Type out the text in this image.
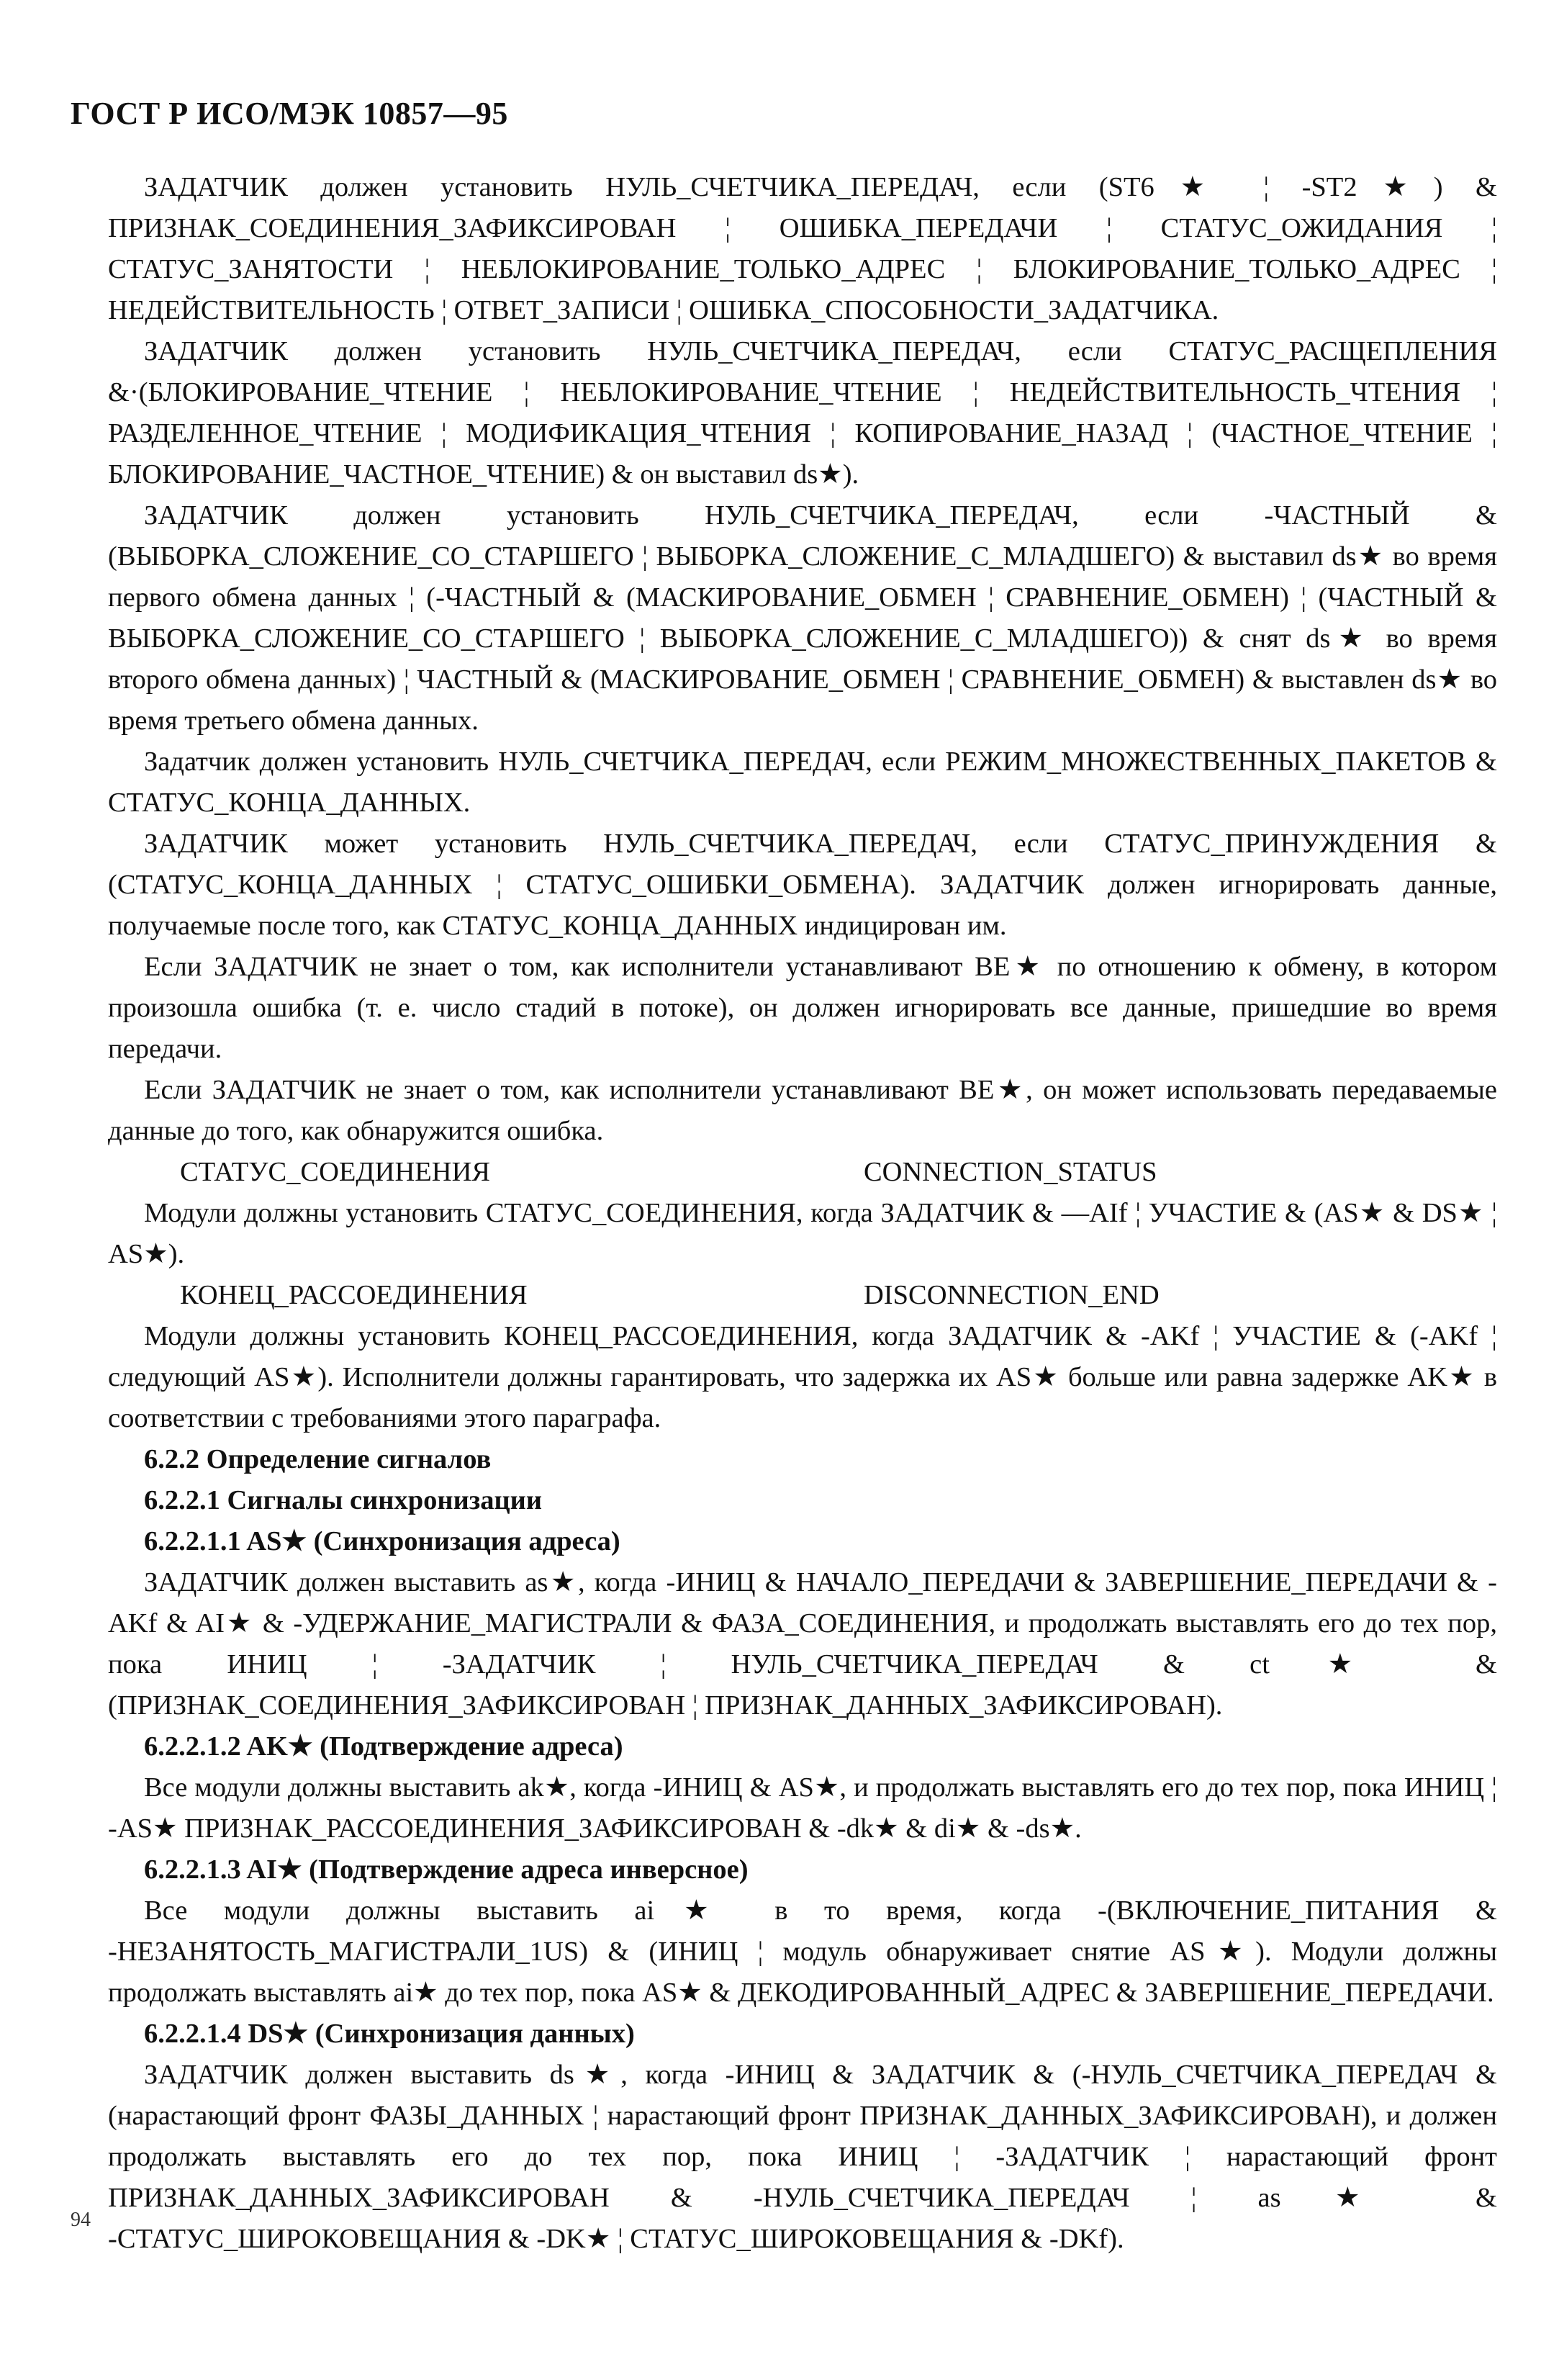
ГОСТ Р ИСО/МЭК 10857—95

ЗАДАТЧИК должен установить НУЛЬ_СЧЕТЧИКА_ПЕРЕДАЧ, если (ST6★ ¦ -ST2★) & ПРИЗНАК_СОЕДИНЕНИЯ_ЗАФИКСИРОВАН ¦ ОШИБКА_ПЕРЕДАЧИ ¦ СТАТУС_ОЖИДАНИЯ ¦ СТАТУС_ЗАНЯТОСТИ ¦ НЕБЛОКИРОВАНИЕ_ТОЛЬКО_АДРЕС ¦ БЛОКИРОВАНИЕ_ТОЛЬКО_АДРЕС ¦ НЕДЕЙСТВИТЕЛЬНОСТЬ ¦ ОТВЕТ_ЗАПИСИ ¦ ОШИБКА_СПОСОБНОСТИ_ЗАДАТЧИКА.

ЗАДАТЧИК должен установить НУЛЬ_СЧЕТЧИКА_ПЕРЕДАЧ, если СТАТУС_РАСЩЕПЛЕНИЯ &·(БЛОКИРОВАНИЕ_ЧТЕНИЕ ¦ НЕБЛОКИРОВАНИЕ_ЧТЕНИЕ ¦ НЕДЕЙСТВИТЕЛЬНОСТЬ_ЧТЕНИЯ ¦ РАЗДЕЛЕННОЕ_ЧТЕНИЕ ¦ МОДИФИКАЦИЯ_ЧТЕНИЯ ¦ КОПИРОВАНИЕ_НАЗАД ¦ (ЧАСТНОЕ_ЧТЕНИЕ ¦ БЛОКИРОВАНИЕ_ЧАСТНОЕ_ЧТЕНИЕ) & он выставил ds★).

ЗАДАТЧИК должен установить НУЛЬ_СЧЕТЧИКА_ПЕРЕДАЧ, если -ЧАСТНЫЙ & (ВЫБОРКА_СЛОЖЕНИЕ_СО_СТАРШЕГО ¦ ВЫБОРКА_СЛОЖЕНИЕ_С_МЛАДШЕГО) & выставил ds★ во время первого обмена данных ¦ (-ЧАСТНЫЙ & (МАСКИРОВАНИЕ_ОБМЕН ¦ СРАВНЕНИЕ_ОБМЕН) ¦ (ЧАСТНЫЙ & ВЫБОРКА_СЛОЖЕНИЕ_СО_СТАРШЕГО ¦ ВЫБОРКА_СЛОЖЕНИЕ_С_МЛАДШЕГО)) & снят ds★ во время второго обмена данных) ¦ ЧАСТНЫЙ & (МАСКИРОВАНИЕ_ОБМЕН ¦ СРАВНЕНИЕ_ОБМЕН) & выставлен ds★ во время третьего обмена данных.

Задатчик должен установить НУЛЬ_СЧЕТЧИКА_ПЕРЕДАЧ, если РЕЖИМ_МНОЖЕСТВЕННЫХ_ПАКЕТОВ & СТАТУС_КОНЦА_ДАННЫХ.

ЗАДАТЧИК может установить НУЛЬ_СЧЕТЧИКА_ПЕРЕДАЧ, если СТАТУС_ПРИНУЖДЕНИЯ & (СТАТУС_КОНЦА_ДАННЫХ ¦ СТАТУС_ОШИБКИ_ОБМЕНА). ЗАДАТЧИК должен игнорировать данные, получаемые после того, как СТАТУС_КОНЦА_ДАННЫХ индицирован им.

Если ЗАДАТЧИК не знает о том, как исполнители устанавливают BE★ по отношению к обмену, в котором произошла ошибка (т. е. число стадий в потоке), он должен игнорировать все данные, пришедшие во время передачи.

Если ЗАДАТЧИК не знает о том, как исполнители устанавливают BE★, он может использовать передаваемые данные до того, как обнаружится ошибка.

СТАТУС_СОЕДИНЕНИЯ	CONNECTION_STATUS

Модули должны установить СТАТУС_СОЕДИНЕНИЯ, когда ЗАДАТЧИК & —AIf ¦ УЧАСТИЕ & (AS★ & DS★ ¦ AS★).

КОНЕЦ_РАССОЕДИНЕНИЯ	DISCONNECTION_END

Модули должны установить КОНЕЦ_РАССОЕДИНЕНИЯ, когда ЗАДАТЧИК & -AKf ¦ УЧАСТИЕ & (-AKf ¦ следующий AS★). Исполнители должны гарантировать, что задержка их AS★ больше или равна задержке AK★ в соответствии с требованиями этого параграфа.

6.2.2 Определение сигналов

6.2.2.1 Сигналы синхронизации

6.2.2.1.1 AS★ (Синхронизация адреса)

ЗАДАТЧИК должен выставить as★, когда -ИНИЦ & НАЧАЛО_ПЕРЕДАЧИ & ЗАВЕРШЕНИЕ_ПЕРЕДАЧИ & -AKf & AI★ & -УДЕРЖАНИЕ_МАГИСТРАЛИ & ФАЗА_СОЕДИНЕНИЯ, и продолжать выставлять его до тех пор, пока ИНИЦ ¦ -ЗАДАТЧИК ¦ НУЛЬ_СЧЕТЧИКА_ПЕРЕДАЧ & ct★ & (ПРИЗНАК_СОЕДИНЕНИЯ_ЗАФИКСИРОВАН ¦ ПРИЗНАК_ДАННЫХ_ЗАФИКСИРОВАН).

6.2.2.1.2 AK★ (Подтверждение адреса)

Все модули должны выставить ak★, когда -ИНИЦ & AS★, и продолжать выставлять его до тех пор, пока ИНИЦ ¦ -AS★ ПРИЗНАК_РАССОЕДИНЕНИЯ_ЗАФИКСИРОВАН & -dk★ & di★ & -ds★.

6.2.2.1.3 AI★ (Подтверждение адреса инверсное)

Все модули должны выставить ai★ в то время, когда -(ВКЛЮЧЕНИЕ_ПИТАНИЯ & -НЕЗАНЯТОСТЬ_МАГИСТРАЛИ_1US) & (ИНИЦ ¦ модуль обнаруживает снятие AS★). Модули должны продолжать выставлять ai★ до тех пор, пока AS★ & ДЕКОДИРОВАННЫЙ_АДРЕС & ЗАВЕРШЕНИЕ_ПЕРЕДАЧИ.

6.2.2.1.4 DS★ (Синхронизация данных)

ЗАДАТЧИК должен выставить ds★, когда -ИНИЦ & ЗАДАТЧИК & (-НУЛЬ_СЧЕТЧИКА_ПЕРЕДАЧ & (нарастающий фронт ФАЗЫ_ДАННЫХ ¦ нарастающий фронт ПРИЗНАК_ДАННЫХ_ЗАФИКСИРОВАН), и должен продолжать выставлять его до тех пор, пока ИНИЦ ¦ -ЗАДАТЧИК ¦ нарастающий фронт ПРИЗНАК_ДАННЫХ_ЗАФИКСИРОВАН & -НУЛЬ_СЧЕТЧИКА_ПЕРЕДАЧ ¦ as★ & -СТАТУС_ШИРОКОВЕЩАНИЯ & -DK★ ¦ СТАТУС_ШИРОКОВЕЩАНИЯ & -DKf).

94
